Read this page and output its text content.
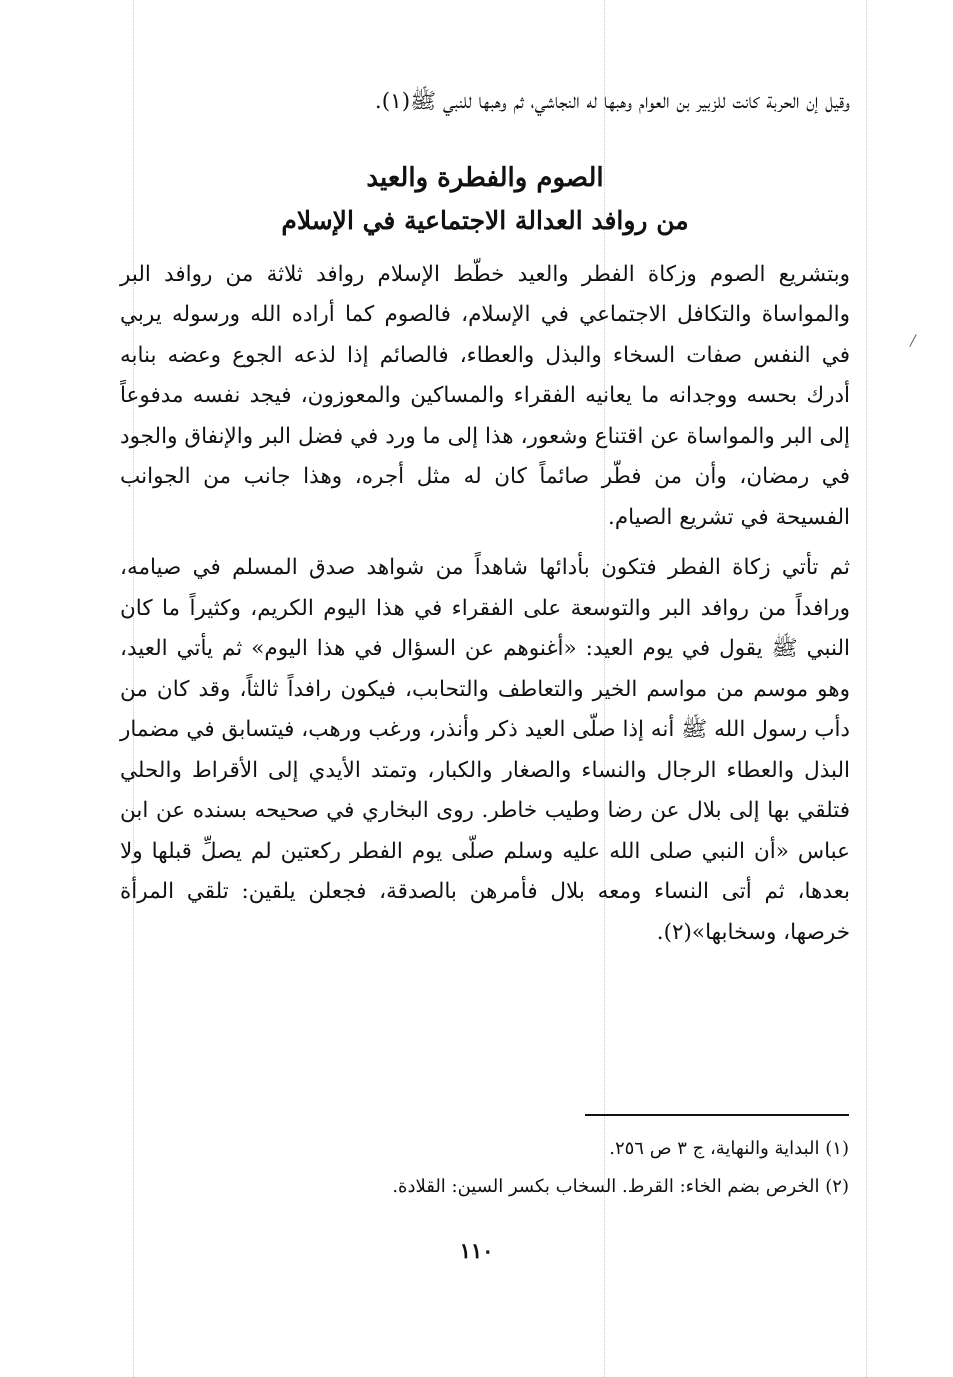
وقيل إن الحربة كانت للزبير بن العوام وهبها له النجاشي، ثم وهبها للنبي ﷺ(١).

الصوم والفطرة والعيد
من روافد العدالة الاجتماعية في الإسلام

وبتشريع الصوم وزكاة الفطر والعيد خطّط الإسلام روافد ثلاثة من روافد البر والمواساة والتكافل الاجتماعي في الإسلام، فالصوم كما أراده الله ورسوله يربي في النفس صفات السخاء والبذل والعطاء، فالصائم إذا لذعه الجوع وعضه بنابه أدرك بحسه ووجدانه ما يعانيه الفقراء والمساكين والمعوزون، فيجد نفسه مدفوعاً إلى البر والمواساة عن اقتناع وشعور، هذا إلى ما ورد في فضل البر والإنفاق والجود في رمضان، وأن من فطّر صائماً كان له مثل أجره، وهذا جانب من الجوانب الفسيحة في تشريع الصيام.

ثم تأتي زكاة الفطر فتكون بأدائها شاهداً من شواهد صدق المسلم في صيامه، ورافداً من روافد البر والتوسعة على الفقراء في هذا اليوم الكريم، وكثيراً ما كان النبي ﷺ يقول في يوم العيد: «أغنوهم عن السؤال في هذا اليوم» ثم يأتي العيد، وهو موسم من مواسم الخير والتعاطف والتحابب، فيكون رافداً ثالثاً، وقد كان من دأب رسول الله ﷺ أنه إذا صلّى العيد ذكر وأنذر، ورغب ورهب، فيتسابق في مضمار البذل والعطاء الرجال والنساء والصغار والكبار، وتمتد الأيدي إلى الأقراط والحلي فتلقي بها إلى بلال عن رضا وطيب خاطر. روى البخاري في صحيحه بسنده عن ابن عباس «أن النبي صلى الله عليه وسلم صلّى يوم الفطر ركعتين لم يصلِّ قبلها ولا بعدها، ثم أتى النساء ومعه بلال فأمرهن بالصدقة، فجعلن يلقين: تلقي المرأة خرصها، وسخابها»(٢).

(١) البداية والنهاية، ج ٣ ص ٢٥٦.

(٢) الخرص بضم الخاء: القرط. السخاب بكسر السين: القلادة.

١١٠
